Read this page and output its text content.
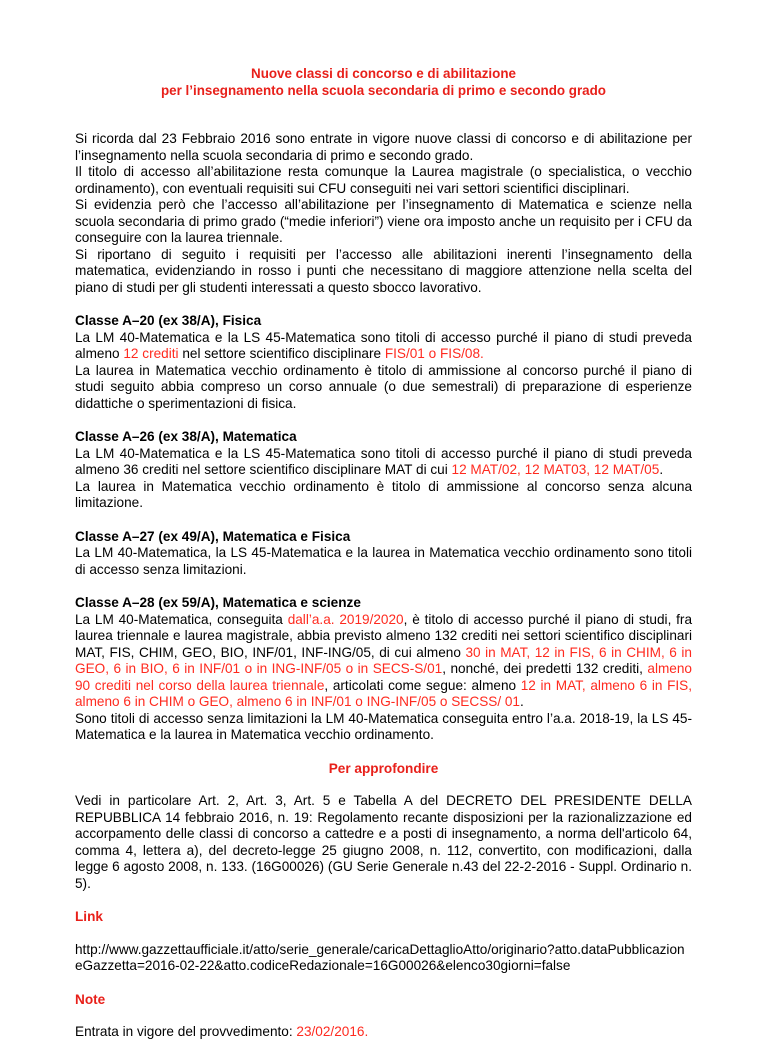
Nuove classi di concorso e di abilitazione
per l’insegnamento nella scuola secondaria di primo e secondo grado

Si ricorda dal 23 Febbraio 2016 sono entrate in vigore nuove classi di concorso e di abilitazione per l’insegnamento nella scuola secondaria di primo e secondo grado.

Il titolo di accesso all’abilitazione resta comunque la Laurea magistrale (o specialistica, o vecchio ordinamento), con eventuali requisiti sui CFU conseguiti nei vari settori scientifici disciplinari.

Si evidenzia però che l’accesso all’abilitazione per l’insegnamento di Matematica e scienze nella scuola secondaria di primo grado (“medie inferiori”) viene ora imposto anche un requisito per i CFU da conseguire con la laurea triennale.

Si riportano di seguito i requisiti per l’accesso alle abilitazioni inerenti l’insegnamento della matematica, evidenziando in rosso i punti che necessitano di maggiore attenzione nella scelta del piano di studi per gli studenti interessati a questo sbocco lavorativo.

Classe A–20 (ex 38/A), Fisica

La LM 40-Matematica e la LS 45-Matematica sono titoli di accesso purché il piano di studi preveda almeno 12 crediti nel settore scientifico disciplinare FIS/01 o FIS/08.

La laurea in Matematica vecchio ordinamento è titolo di ammissione al concorso purché il piano di studi seguito abbia compreso un corso annuale (o due semestrali) di preparazione di esperienze didattiche o sperimentazioni di fisica.

Classe A–26 (ex 38/A), Matematica

La LM 40-Matematica e la LS 45-Matematica sono titoli di accesso purché il piano di studi preveda almeno 36 crediti nel settore scientifico disciplinare MAT di cui 12 MAT/02, 12 MAT03, 12 MAT/05.

La laurea in Matematica vecchio ordinamento è titolo di ammissione al concorso senza alcuna limitazione.

Classe A–27 (ex 49/A), Matematica e Fisica

La LM 40-Matematica, la LS 45-Matematica e la laurea in Matematica vecchio ordinamento sono titoli di accesso senza limitazioni.

Classe A–28 (ex 59/A), Matematica e scienze

La LM 40-Matematica, conseguita dall’a.a. 2019/2020, è titolo di accesso purché il piano di studi, fra laurea triennale e laurea magistrale, abbia previsto almeno 132 crediti nei settori scientifico disciplinari MAT, FIS, CHIM, GEO, BIO, INF/01, INF-ING/05, di cui almeno 30 in MAT, 12 in FIS, 6 in CHIM, 6 in GEO, 6 in BIO, 6 in INF/01 o in ING-INF/05 o in SECS-S/01, nonché, dei predetti 132 crediti, almeno 90 crediti nel corso della laurea triennale, articolati come segue: almeno 12 in MAT, almeno 6 in FIS, almeno 6 in CHIM o GEO, almeno 6 in INF/01 o ING-INF/05 o SECSS/ 01.

Sono titoli di accesso senza limitazioni la LM 40-Matematica conseguita entro l’a.a. 2018-19, la LS 45-Matematica e la laurea in Matematica vecchio ordinamento.

Per approfondire

Vedi in particolare Art. 2, Art. 3, Art. 5 e Tabella A del DECRETO DEL PRESIDENTE DELLA REPUBBLICA 14 febbraio 2016, n. 19: Regolamento recante disposizioni per la razionalizzazione ed accorpamento delle classi di concorso a cattedre e a posti di insegnamento, a norma dell'articolo 64, comma 4, lettera a), del decreto-legge 25 giugno 2008, n. 112, convertito, con modificazioni, dalla legge 6 agosto 2008, n. 133. (16G00026) (GU Serie Generale n.43 del 22-2-2016 - Suppl. Ordinario n. 5).

Link

http://www.gazzettaufficiale.it/atto/serie_generale/caricaDettaglioAtto/originario?atto.dataPubblicazioneGazzetta=2016-02-22&atto.codiceRedazionale=16G00026&elenco30giorni=false

Note

Entrata in vigore del provvedimento: 23/02/2016.
